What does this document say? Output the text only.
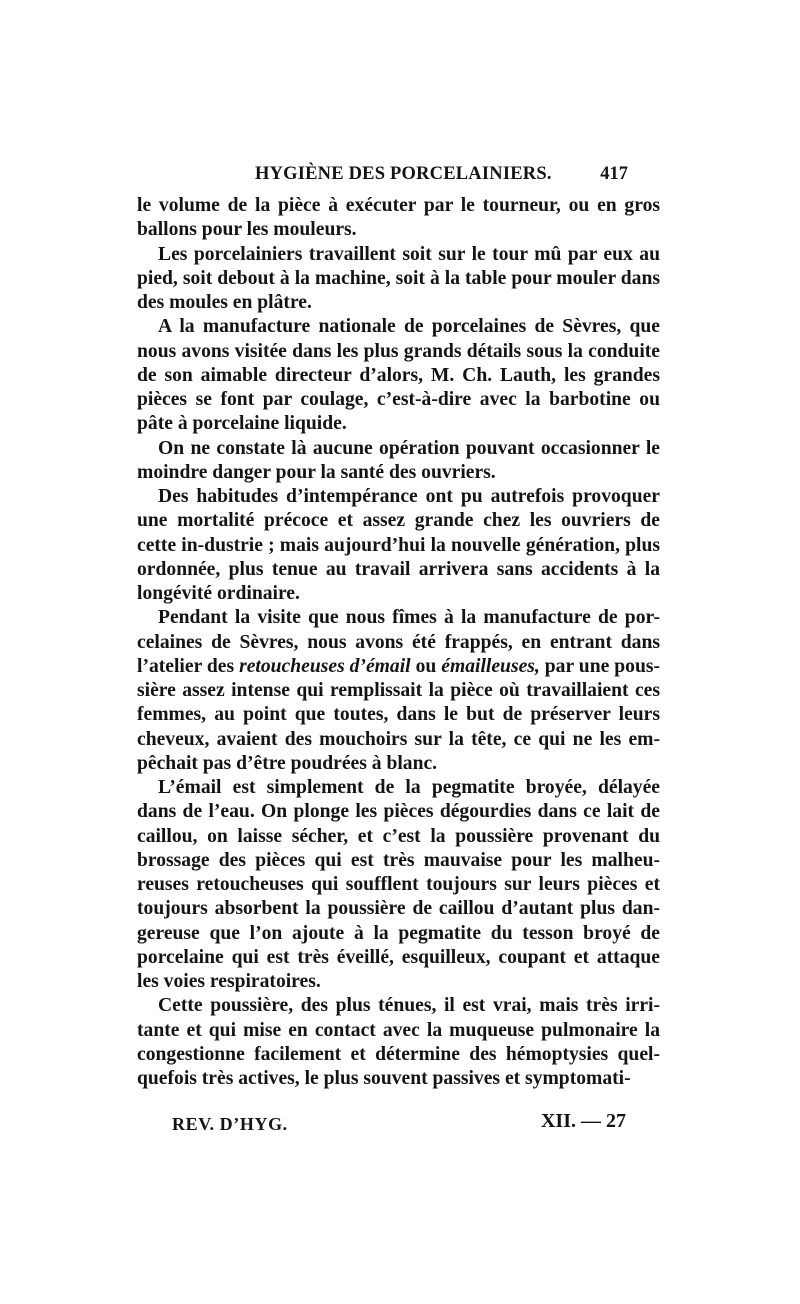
HYGIÈNE DES PORCELAINIERS.	417

le volume de la pièce à exécuter par le tourneur, ou en gros ballons pour les mouleurs.

Les porcelainiers travaillent soit sur le tour mû par eux au pied, soit debout à la machine, soit à la table pour mouler dans des moules en plâtre.

A la manufacture nationale de porcelaines de Sèvres, que nous avons visitée dans les plus grands détails sous la conduite de son aimable directeur d’alors, M. Ch. Lauth, les grandes pièces se font par coulage, c’est-à-dire avec la barbotine ou pâte à porcelaine liquide.

On ne constate là aucune opération pouvant occasionner le moindre danger pour la santé des ouvriers.

Des habitudes d’intempérance ont pu autrefois provoquer une mortalité précoce et assez grande chez les ouvriers de cette in-dustrie ; mais aujourd’hui la nouvelle génération, plus ordonnée, plus tenue au travail arrivera sans accidents à la longévité ordinaire.

Pendant la visite que nous fîmes à la manufacture de por-celaines de Sèvres, nous avons été frappés, en entrant dans l’atelier des retoucheuses d’émail ou émailleuses, par une pous-sière assez intense qui remplissait la pièce où travaillaient ces femmes, au point que toutes, dans le but de préserver leurs cheveux, avaient des mouchoirs sur la tête, ce qui ne les em-pêchait pas d’être poudrées à blanc.

L’émail est simplement de la pegmatite broyée, délayée dans de l’eau. On plonge les pièces dégourdies dans ce lait de caillou, on laisse sécher, et c’est la poussière provenant du brossage des pièces qui est très mauvaise pour les malheu-reuses retoucheuses qui soufflent toujours sur leurs pièces et toujours absorbent la poussière de caillou d’autant plus dan-gereuse que l’on ajoute à la pegmatite du tesson broyé de porcelaine qui est très éveillé, esquilleux, coupant et attaque les voies respiratoires.

Cette poussière, des plus ténues, il est vrai, mais très irri-tante et qui mise en contact avec la muqueuse pulmonaire la congestionne facilement et détermine des hémoptysies quel-quefois très actives, le plus souvent passives et symptomati-

REV. D’HYG.	XII. — 27
